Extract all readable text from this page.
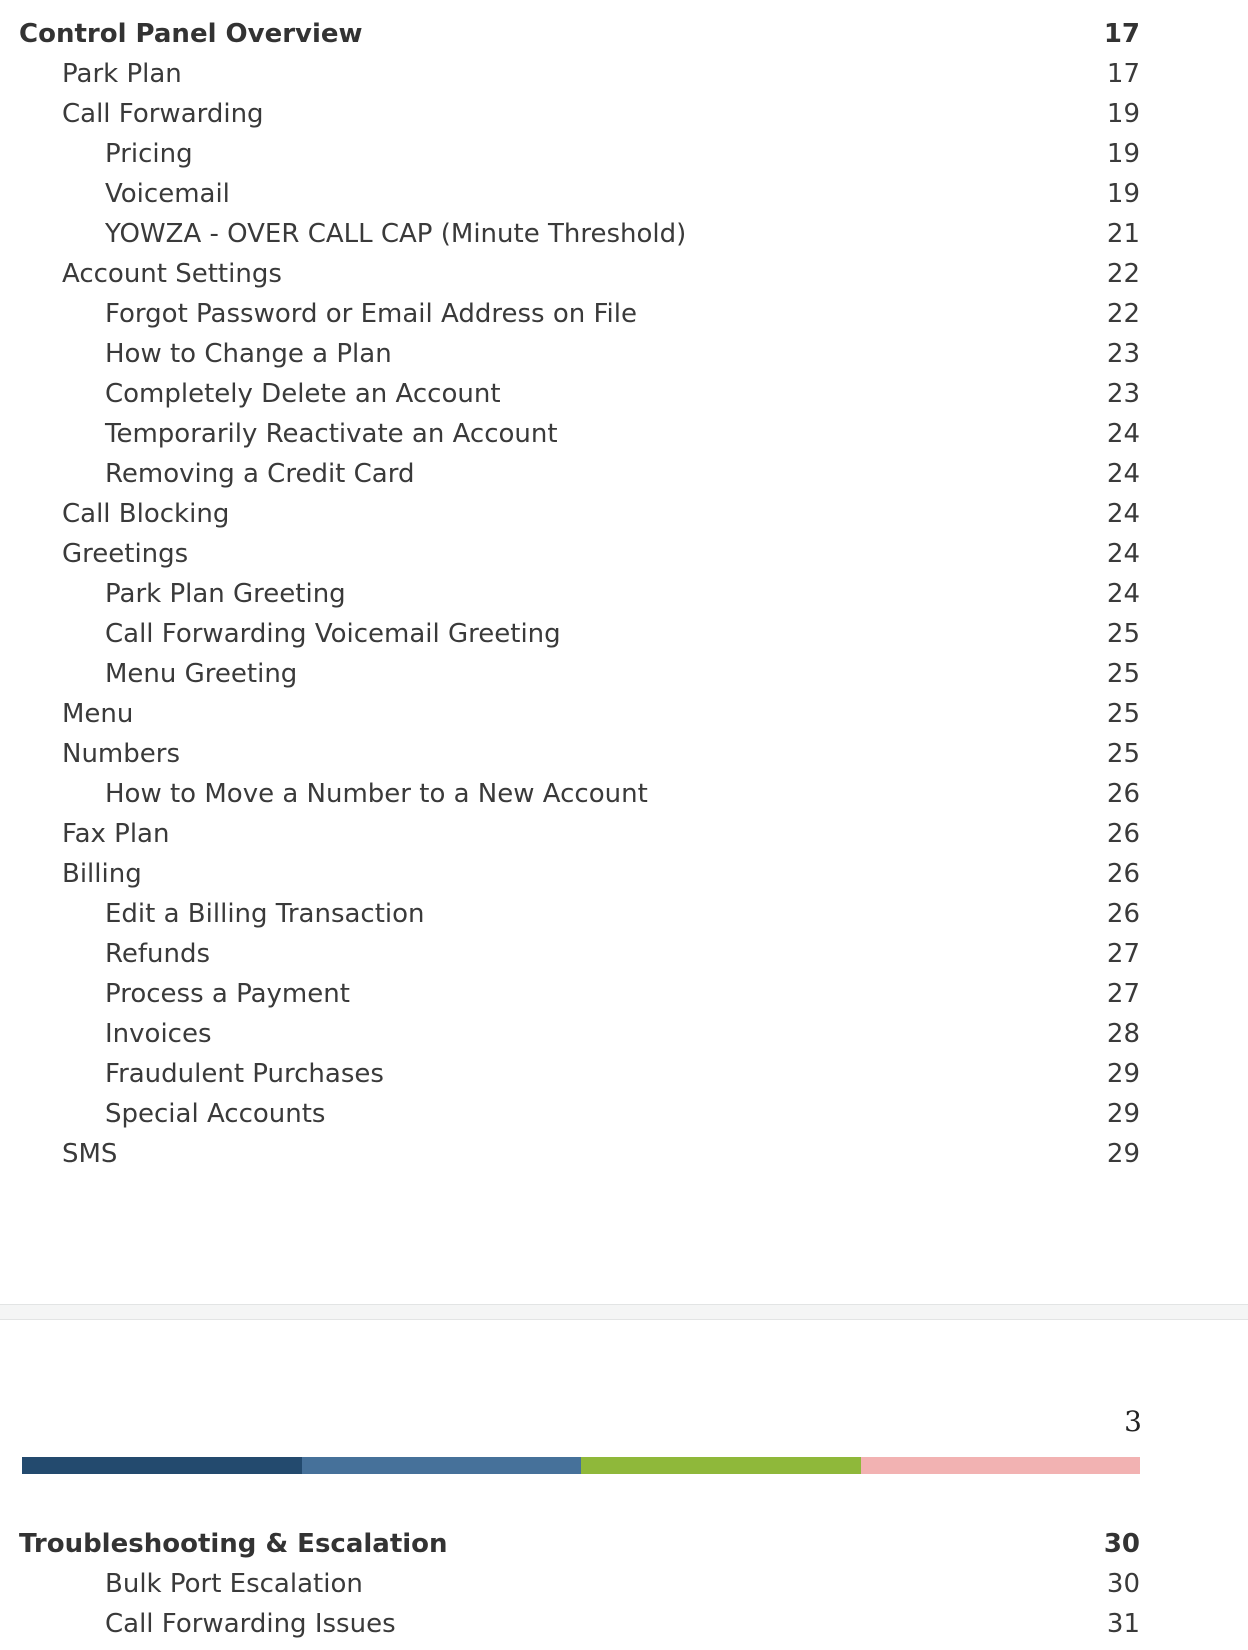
Control Panel Overview	17
Park Plan	17
Call Forwarding	19
Pricing	19
Voicemail	19
YOWZA - OVER CALL CAP (Minute Threshold)	21
Account Settings	22
Forgot Password or Email Address on File	22
How to Change a Plan	23
Completely Delete an Account	23
Temporarily Reactivate an Account	24
Removing a Credit Card	24
Call Blocking	24
Greetings	24
Park Plan Greeting	24
Call Forwarding Voicemail Greeting	25
Menu Greeting	25
Menu	25
Numbers	25
How to Move a Number to a New Account	26
Fax Plan	26
Billing	26
Edit a Billing Transaction	26
Refunds	27
Process a Payment	27
Invoices	28
Fraudulent Purchases	29
Special Accounts	29
SMS	29
3
Troubleshooting & Escalation	30
Bulk Port Escalation	30
Call Forwarding Issues	31
